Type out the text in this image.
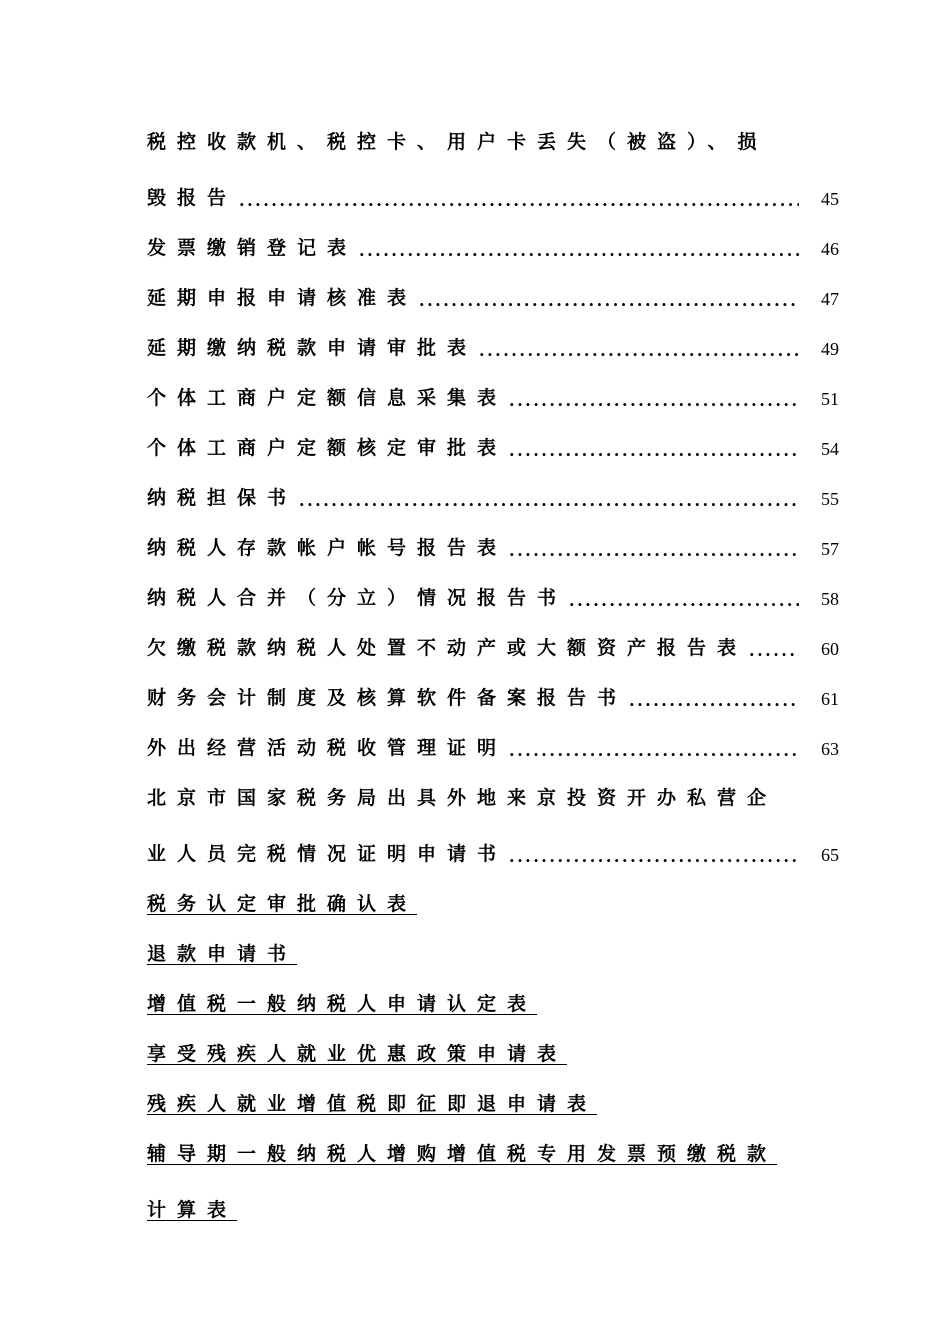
税控收款机、税控卡、用户卡丢失（被盗）、损
毁报告 .....	45
发票缴销登记表 .....	46
延期申报申请核准表 .....	47
延期缴纳税款申请审批表 .....	49
个体工商户定额信息采集表 .....	51
个体工商户定额核定审批表 .....	54
纳税担保书 .....	55
纳税人存款帐户帐号报告表 .....	57
纳税人合并（分立）情况报告书 .....	58
欠缴税款纳税人处置不动产或大额资产报告表 .....	60
财务会计制度及核算软件备案报告书 .....	61
外出经营活动税收管理证明 .....	63
北京市国家税务局出具外地来京投资开办私营企
业人员完税情况证明申请书 .....	65
税务认定审批确认表
退款申请书
增值税一般纳税人申请认定表
享受残疾人就业优惠政策申请表
残疾人就业增值税即征即退申请表
辅导期一般纳税人增购增值税专用发票预缴税款
计算表
